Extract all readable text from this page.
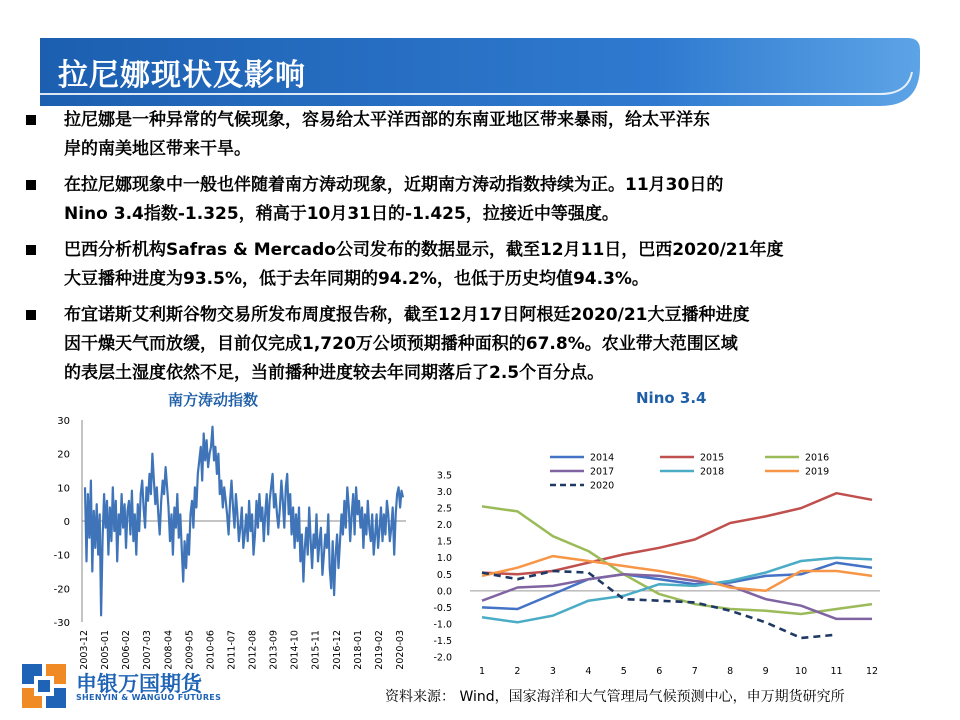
拉尼娜现状及影响
拉尼娜是一种异常的气候现象，容易给太平洋西部的东南亚地区带来暴雨，给太平洋东
岸的南美地区带来干旱。
在拉尼娜现象中一般也伴随着南方涛动现象，近期南方涛动指数持续为正。11月30日的
Nino 3.4指数-1.325，稍高于10月31日的-1.425，拉接近中等强度。
巴西分析机构Safras & Mercado公司发布的数据显示，截至12月11日，巴西2020/21年度
大豆播种进度为93.5%，低于去年同期的94.2%，也低于历史均值94.3%。
布宜诺斯艾利斯谷物交易所发布周度报告称，截至12月17日阿根廷2020/21大豆播种进度
因干燥天气而放缓，目前仅完成1,720万公顷预期播种面积的67.8%。农业带大范围区域
的表层土湿度依然不足，当前播种进度较去年同期落后了2.5个百分点。
南方涛动指数	Nino 3.4
30
20
10
0
-10
-20
-30
2003-12 2005-01 2006-02 2007-03 2008-04 2009-05 2010-06 2011-07 2012-08 2013-09 2014-10 2015-11 2016-12 2018-01 2019-02 2020-03
3.5
3.0
2.5
2.0
1.5
1.0
0.5
0.0
-0.5
-1.0
-1.5
-2.0
1	2	3	4	5	6	7	8	9	10 11 12
2014	2015	2016
2017	2018	2019
2020
申银万国期货
SHENYIN & WANGUO FUTURES	资料来源： Wind，国家海洋和大气管理局气候预测中心，申万期货研究所
